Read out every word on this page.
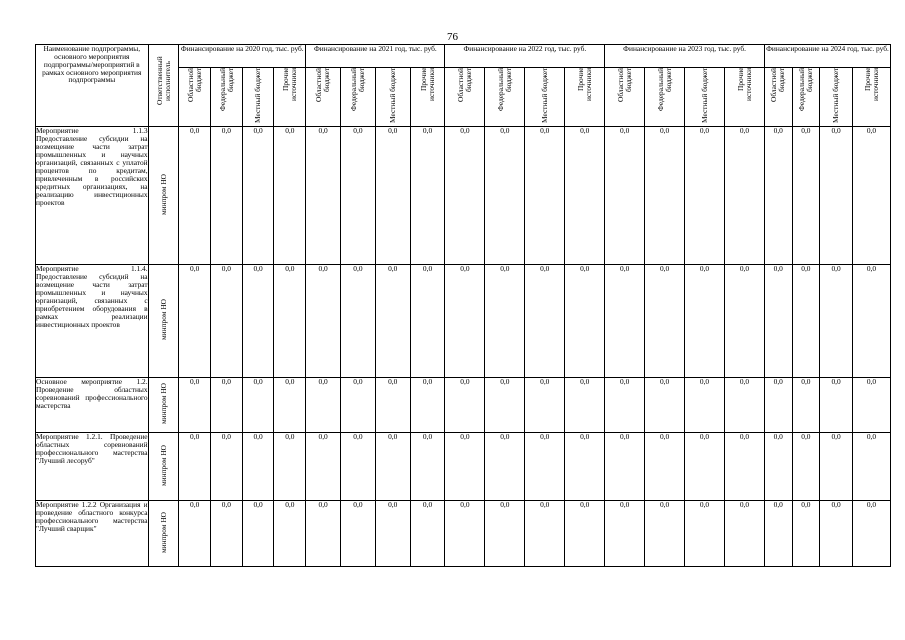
76
Наименование подпрограммы, основного мероприятия подпрограммы/мероприятий в рамках основного мероприятия подпрограммы	Ответственный исполнитель	Финансирование на 2020 год, тыс. руб.				Финансирование на 2021 год, тыс. руб.				Финансирование на 2022 год, тыс. руб.				Финансирование на 2023 год, тыс. руб.				Финансирование на 2024 год, тыс. руб.			
		Областной бюджет	Федеральный бюджет	Местный бюджет	Прочие источники	Областной бюджет	Федеральный бюджет	Местный бюджет	Прочие источники	Областной бюджет	Федеральный бюджет	Местный бюджет	Прочие источники	Областной бюджет	Федеральный бюджет	Местный бюджет	Прочие источники	Областной бюджет	Федеральный бюджет	Местный бюджет	Прочие источники
Мероприятие 1.1.3 Предоставление субсидии на возмещение части затрат промышленных и научных организаций, связанных с уплатой процентов по кредитам, привлеченным в российских кредитных организациях, на реализацию инвестиционных проектов	минпром НО	0,0	0,0	0,0	0,0	0,0	0,0	0,0	0,0	0,0	0,0	0,0	0,0	0,0	0,0	0,0	0,0	0,0	0,0	0,0	0,0
Мероприятие 1.1.4. Предоставление субсидий на возмещение части затрат промышленных и научных организаций, связанных с приобретением оборудования в рамках реализации инвестиционных проектов	минпром НО	0,0	0,0	0,0	0,0	0,0	0,0	0,0	0,0	0,0	0,0	0,0	0,0	0,0	0,0	0,0	0,0	0,0	0,0	0,0	0,0
Основное мероприятие 1.2. Проведение областных соревнований профессионального мастерства	минпром НО	0,0	0,0	0,0	0,0	0,0	0,0	0,0	0,0	0,0	0,0	0,0	0,0	0,0	0,0	0,0	0,0	0,0	0,0	0,0	0,0
Мероприятие 1.2.1. Проведение областных соревнований профессионального мастерства "Лучший лесоруб"	минпром НО	0,0	0,0	0,0	0,0	0,0	0,0	0,0	0,0	0,0	0,0	0,0	0,0	0,0	0,0	0,0	0,0	0,0	0,0	0,0	0,0
Мероприятие 1.2.2 Организация и проведение областного конкурса профессионального мастерства "Лучший сварщик"	минпром НО	0,0	0,0	0,0	0,0	0,0	0,0	0,0	0,0	0,0	0,0	0,0	0,0	0,0	0,0	0,0	0,0	0,0	0,0	0,0	0,0
